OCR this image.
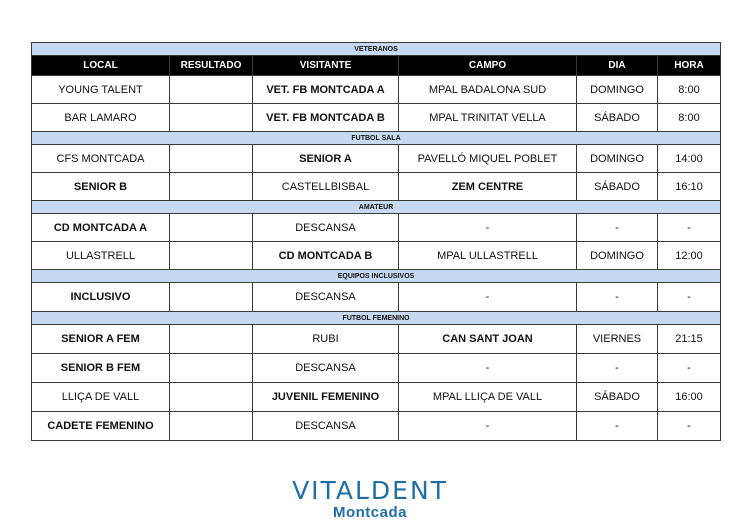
VETERANOS					
LOCAL	RESULTADO	VISITANTE	CAMPO	DIA	HORA
YOUNG TALENT		VET. FB MONTCADA A	MPAL BADALONA SUD	DOMINGO	8:00
BAR LAMARO		VET. FB MONTCADA B	MPAL TRINITAT VELLA	SÁBADO	8:00
FUTBOL SALA					
CFS MONTCADA		SENIOR A	PAVELLÓ MIQUEL POBLET	DOMINGO	14:00
SENIOR B		CASTELLBISBAL	ZEM CENTRE	SÁBADO	16:10
AMATEUR					
CD MONTCADA A		DESCANSA	-	-	-
ULLASTRELL		CD MONTCADA B	MPAL ULLASTRELL	DOMINGO	12:00
EQUIPOS INCLUSIVOS					
INCLUSIVO		DESCANSA	-	-	-
FUTBOL FEMENINO					
SENIOR A FEM		RUBI	CAN SANT JOAN	VIERNES	21:15
SENIOR B FEM		DESCANSA	-	-	-
LLIÇA DE VALL		JUVENIL FEMENINO	MPAL LLIÇA DE VALL	SÁBADO	16:00
CADETE FEMENINO		DESCANSA	-	-	-
VITALDENT
Montcada
